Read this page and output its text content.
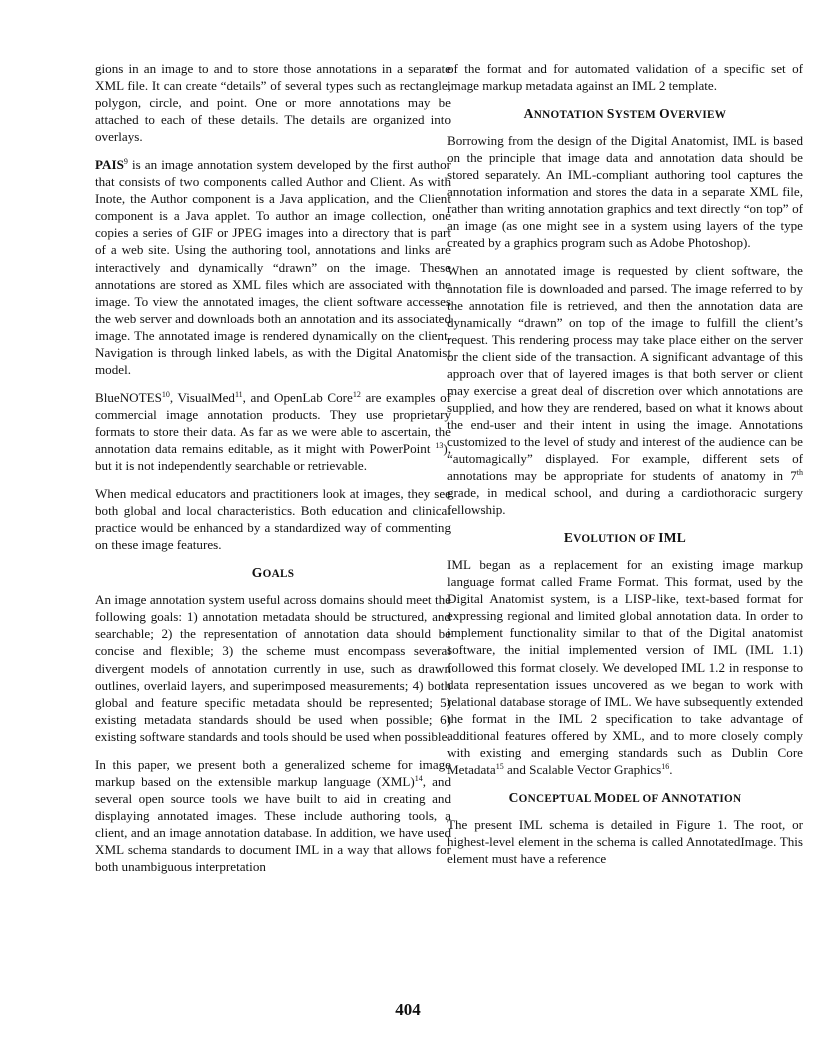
gions in an image to and to store those annotations in a separate XML file. It can create “details” of several types such as rectangle, polygon, circle, and point. One or more annotations may be attached to each of these details. The details are organized into overlays.

PAIS$^9$ is an image annotation system developed by the first author that consists of two components called Author and Client. As with Inote, the Author component is a Java application, and the Client component is a Java applet. To author an image collection, one copies a series of GIF or JPEG images into a directory that is part of a web site. Using the authoring tool, annotations and links are interactively and dynamically “drawn” on the image. These annotations are stored as XML files which are associated with the image. To view the annotated images, the client software accesses the web server and downloads both an annotation and its associated image. The annotated image is rendered dynamically on the client. Navigation is through linked labels, as with the Digital Anatomist model.

BlueNOTES$^{10}$, VisualMed$^{11}$, and OpenLab Core$^{12}$ are examples of commercial image annotation products. They use proprietary formats to store their data. As far as we were able to ascertain, the annotation data remains editable, as it might with PowerPoint $^{13}$), but it is not independently searchable or retrievable.

When medical educators and practitioners look at images, they see both global and local characteristics. Both education and clinical practice would be enhanced by a standardized way of commenting on these image features.

GOALS

An image annotation system useful across domains should meet the following goals: 1) annotation metadata should be structured, and searchable; 2) the representation of annotation data should be concise and flexible; 3) the scheme must encompass several divergent models of annotation currently in use, such as drawn outlines, overlaid layers, and superimposed measurements; 4) both global and feature specific metadata should be represented; 5) existing metadata standards should be used when possible; 6) existing software standards and tools should be used when possible.

In this paper, we present both a generalized scheme for image markup based on the extensible markup language (XML)$^{14}$, and several open source tools we have built to aid in creating and displaying annotated images. These include authoring tools, a client, and an image annotation database. In addition, we have used XML schema standards to document IML in a way that allows for both unambiguous interpretation

of the format and for automated validation of a specific set of image markup metadata against an IML 2 template.

ANNOTATION SYSTEM OVERVIEW

Borrowing from the design of the Digital Anatomist, IML is based on the principle that image data and annotation data should be stored separately. An IML-compliant authoring tool captures the annotation information and stores the data in a separate XML file, rather than writing annotation graphics and text directly “on top” of an image (as one might see in a system using layers of the type created by a graphics program such as Adobe Photoshop).

When an annotated image is requested by client software, the annotation file is downloaded and parsed. The image referred to by the annotation file is retrieved, and then the annotation data are dynamically “drawn” on top of the image to fulfill the client’s request. This rendering process may take place either on the server or the client side of the transaction. A significant advantage of this approach over that of layered images is that both server or client may exercise a great deal of discretion over which annotations are supplied, and how they are rendered, based on what it knows about the end-user and their intent in using the image. Annotations customized to the level of study and interest of the audience can be “automagically” displayed. For example, different sets of annotations may be appropriate for students of anatomy in 7th grade, in medical school, and during a cardiothoracic surgery fellowship.

EVOLUTION OF IML

IML began as a replacement for an existing image markup language format called Frame Format. This format, used by the Digital Anatomist system, is a LISP-like, text-based format for expressing regional and limited global annotation data. In order to implement functionality similar to that of the Digital anatomist software, the initial implemented version of IML (IML 1.1) followed this format closely. We developed IML 1.2 in response to data representation issues uncovered as we began to work with relational database storage of IML. We have subsequently extended the format in the IML 2 specification to take advantage of additional features offered by XML, and to more closely comply with existing and emerging standards such as Dublin Core Metadata$^{15}$ and Scalable Vector Graphics$^{16}$.

CONCEPTUAL MODEL OF ANNOTATION

The present IML schema is detailed in Figure 1. The root, or highest-level element in the schema is called AnnotatedImage. This element must have a reference

404
